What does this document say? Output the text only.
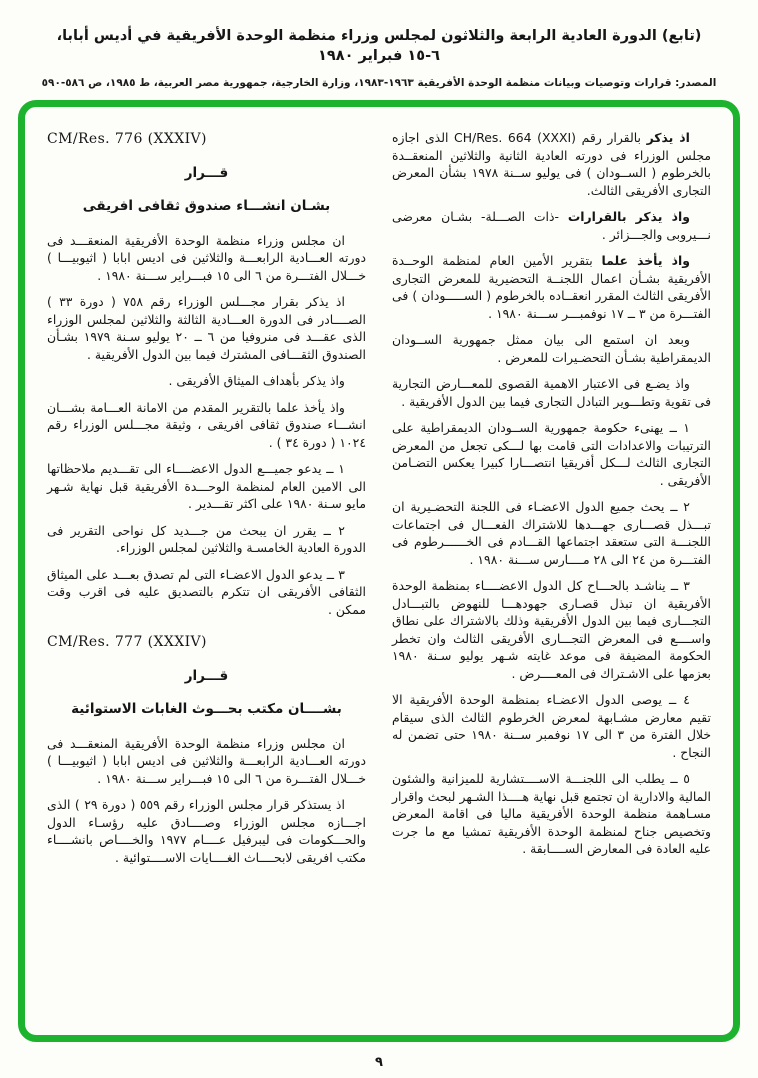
(تابع) الدورة العادية الرابعة والثلاثون لمجلس وزراء منظمة الوحدة الأفريقية في أديس أبابا، ٦-١٥ فبراير ١٩٨٠
المصدر: قرارات وتوصيات وبيانات منظمة الوحدة الأفريقية ١٩٦٣-١٩٨٣، وزارة الخارجية، جمهورية مصر العربية، ط ١٩٨٥، ص ٥٨٦-٥٩٠

اذ يذكر بالقرار رقم CH/Res. 664 (XXXI) الذى اجازه مجلس الوزراء فى دورته العادية الثانية والثلاثين المنعقــدة بالخرطوم ( الســودان ) فى يوليو ســنة ١٩٧٨ بشأن المعرض التجارى الأفريقى الثالث.

واذ يذكر بالقرارات -ذات الصـــلة- بشـان معرضى نـــيروبى والجـــزائر .

واذ يأخذ علما بتقرير الأمين العام لمنظمة الوحــدة الأفريقية بشـأن اعمال اللجنــة التحضيرية للمعرض التجارى الأفريقى الثالث المقرر انعقــاده بالخرطوم ( الســـــودان ) فى الفتـــرة من ٣ ــ ١٧ نوفمبـــر ســـنة ١٩٨٠ .

وبعد ان استمع الى بيان ممثل جمهورية الســودان الديمقراطية بشـأن التحضـيرات للمعرض .

واذ يضـع فى الاعتبار الاهمية القصوى للمعـــارض التجارية فى تقوية وتطـــوير التبادل التجارى فيما بين الدول الأفريقية .

١ ــ يهنىء حكومة جمهورية الســودان الديمقراطية على الترتيبات والاعدادات التى قامت بها لـــكى تجعل من المعرض التجارى الثالث لـــكل أفريقيا انتصـــارا كبيرا يعكس التضـامن الأفريقى .

٢ ــ يحث جميع الدول الاعضـاء فى اللجنة التحضـيرية ان تبـــذل قصـــارى جهـــدها للاشتراك الفعـــال فى اجتماعات اللجنـــة التى ستعقد اجتماعها القـــادم فى الخــــــرطوم فى الفتـــرة من ٢٤ الى ٢٨ مــــارس ســـنة ١٩٨٠ .

٣ ــ يناشـد بالحـــاح كل الدول الاعضــــاء بمنظمة الوحدة الأفريقية ان تبذل قصـارى جهودهـــا للنهوض بالتبـــادل التجـــارى فيما بين الدول الأفريقية وذلك بالاشتراك على نطاق واســــع فى المعرض التجـــارى الأفريقى الثالث وان تخطر الحكومة المضيفة فى موعد غايته شـهر يوليو سـنة ١٩٨٠ بعزمها على الاشـتراك فى المعــــرض .

٤ ــ يوصى الدول الاعضـاء بمنظمة الوحدة الأفريقية الا تقيم معارض مشـابهة لمعرض الخرطوم الثالث الذى سيقام خلال الفترة من ٣ الى ١٧ نوفمبر ســنة ١٩٨٠ حتى تضمن له النجاح .

٥ ــ يطلب الى اللجنـــة الاســــتشارية للميزانية والشئون المالية والادارية ان تجتمع قبل نهاية هــــذا الشـهر لبحث واقرار مسـاهمة منظمة الوحدة الأفريقية ماليا فى اقامة المعرض وتخصيص جناح لمنظمة الوحدة الأفريقية تمشيا مع ما جرت عليه العادة فى المعارض الســــابقة .

CM/Res. 776 (XXXIV)
قـــرار
بشـان انشـــاء صندوق ثقافى افريقى

ان مجلس وزراء منظمة الوحدة الأفريقية المنعقـــد فى دورته العـــادية الرابعـــة والثلاثين فى اديس ابابا ( اثيوبيـــا ) خـــلال الفتـــرة من ٦ الى ١٥ فبـــراير ســـنة ١٩٨٠ .

اذ يذكر بقرار مجـــلس الوزراء رقم ٧٥٨ ( دورة ٣٣ ) الصــــادر فى الدورة العـــادية الثالثة والثلاثين لمجلس الوزراء الذى عقـــد فى منروفيا من ٦ ــ ٢٠ يوليو سـنة ١٩٧٩ بشـأن الصندوق الثقـــافى المشترك فيما بين الدول الأفريقية .

واذ يذكر بأهداف الميثاق الأفريقى .

واذ يأخذ علما بالتقرير المقدم من الامانة العـــامة بشـــان انشـــاء صندوق ثقافى افريقى ، وثيقة مجـــلس الوزراء رقم ١٠٢٤ ( دورة ٣٤ ) .

١ ــ يدعو جميـــع الدول الاعضــــاء الى تقـــديم ملاحظاتها الى الامين العام لمنظمة الوحـــدة الأفريقية قبل نهاية شـهر مايو سـنة ١٩٨٠ على اكثر تقـــدير .

٢ ــ يقرر ان يبحث من جـــديد كل نواحى التقرير فى الدورة العادية الخامسـة والثلاثين لمجلس الوزراء.

٣ ــ يدعو الدول الاعضـاء التى لم تصدق بعـــد على الميثاق الثقافى الأفريقى ان تتكرم بالتصديق عليه فى اقرب وقت ممكن .

CM/Res. 777 (XXXIV)
قـــرار
بشــــان مكتب بحـــوث الغابات الاستوائية

ان مجلس وزراء منظمة الوحدة الأفريقية المنعقـــد فى دورته العـــادية الرابعـــة والثلاثين فى اديس ابابا ( اثيوبيـــا ) خـــلال الفتـــرة من ٦ الى ١٥ فبـــراير ســـنة ١٩٨٠ .

اذ يستذكر قرار مجلس الوزراء رقم ٥٥٩ ( دورة ٢٩ ) الذى اجـــازه مجلس الوزراء وصــــادق عليه رؤسـاء الدول والحـــكومات فى ليبرفيل عــــام ١٩٧٧ والخــــاص بانشــــاء مكتب افريقى لابحــــاث الغــــايات الاســــتوائية .

٩
